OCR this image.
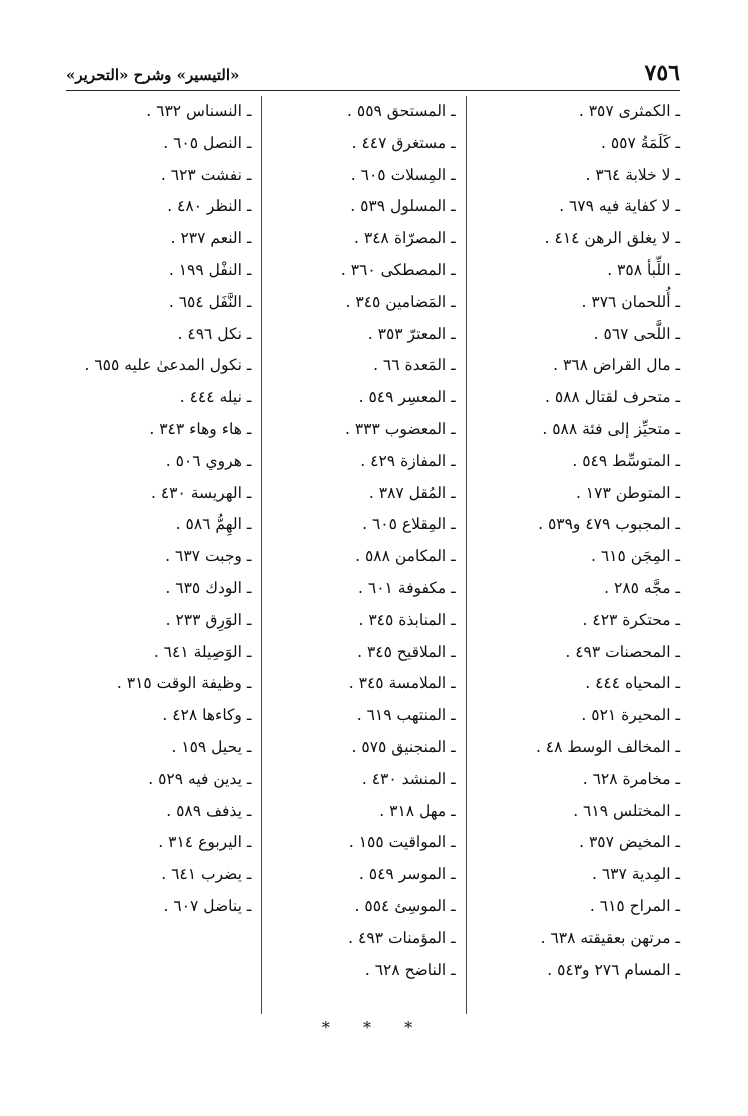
٧٥٦
«التيسير» وشرح «التحرير»
ـ الكمثرى ٣٥٧ .
ـ كَلَمَةُ ٥٥٧ .
ـ لا خلابة ٣٦٤ .
ـ لا كفاية فيه ٦٧٩ .
ـ لا يغلق الرهن ٤١٤ .
ـ اللِّبأ ٣٥٨ .
ـ أُللحمان ٣٧٦ .
ـ اللَّحى ٥٦٧ .
ـ مال القراض ٣٦٨ .
ـ متحرف لقتال ٥٨٨ .
ـ متحيِّز إلى فئة ٥٨٨ .
ـ المتوسِّط ٥٤٩ .
ـ المتوطن ١٧٣ .
ـ المجبوب ٤٧٩ و٥٣٩ .
ـ المِجَن ٦١٥ .
ـ مجَّه ٢٨٥ .
ـ محتكرة ٤٢٣ .
ـ المحصنات ٤٩٣ .
ـ المحياه ٤٤٤ .
ـ المحيرة ٥٢١ .
ـ المخالف الوسط ٤٨ .
ـ مخامرة ٦٢٨ .
ـ المختلس ٦١٩ .
ـ المخيض ٣٥٧ .
ـ المِدية ٦٣٧ .
ـ المراح ٦١٥ .
ـ مرتهن بعقيقته ٦٣٨ .
ـ المسام ٢٧٦ و٥٤٣ .
ـ المستحق ٥٥٩ .
ـ مستغرق ٤٤٧ .
ـ المِسلات ٦٠٥ .
ـ المسلول ٥٣٩ .
ـ المصرّاة ٣٤٨ .
ـ المصطكى ٣٦٠ .
ـ المَضامين ٣٤٥ .
ـ المعترّ ٣٥٣ .
ـ المَعدة ٦٦ .
ـ المعسِر ٥٤٩ .
ـ المعضوب ٣٣٣ .
ـ المفازة ٤٢٩ .
ـ المُقل ٣٨٧ .
ـ المِقلاع ٦٠٥ .
ـ المكامن ٥٨٨ .
ـ مكفوفة ٦٠١ .
ـ المنابذة ٣٤٥ .
ـ الملاقيح ٣٤٥ .
ـ الملامسة ٣٤٥ .
ـ المنتهب ٦١٩ .
ـ المنجنيق ٥٧٥ .
ـ المنشد ٤٣٠ .
ـ مهل ٣١٨ .
ـ المواقيت ١٥٥ .
ـ الموسر ٥٤٩ .
ـ الموسِئ ٥٥٤ .
ـ المؤمنات ٤٩٣ .
ـ الناضح ٦٢٨ .
ـ النسناس ٦٣٢ .
ـ النصل ٦٠٥ .
ـ نفشت ٦٢٣ .
ـ النظر ٤٨٠ .
ـ النعم ٢٣٧ .
ـ النفْل ١٩٩ .
ـ النَّفَل ٦٥٤ .
ـ نكل ٤٩٦ .
ـ نكول المدعىٰ عليه ٦٥٥ .
ـ نيله ٤٤٤ .
ـ هاء وهاء ٣٤٣ .
ـ هروي ٥٠٦ .
ـ الهريسة ٤٣٠ .
ـ الهِمُّ ٥٨٦ .
ـ وجبت ٦٣٧ .
ـ الودك ٦٣٥ .
ـ الوَرِق ٢٣٣ .
ـ الوَصِيلة ٦٤١ .
ـ وظيفة الوقت ٣١٥ .
ـ وكاءها ٤٢٨ .
ـ يحيل ١٥٩ .
ـ يدين فيه ٥٢٩ .
ـ يذفف ٥٨٩ .
ـ اليربوع ٣١٤ .
ـ يضرب ٦٤١ .
ـ يناضل ٦٠٧ .
* * *
